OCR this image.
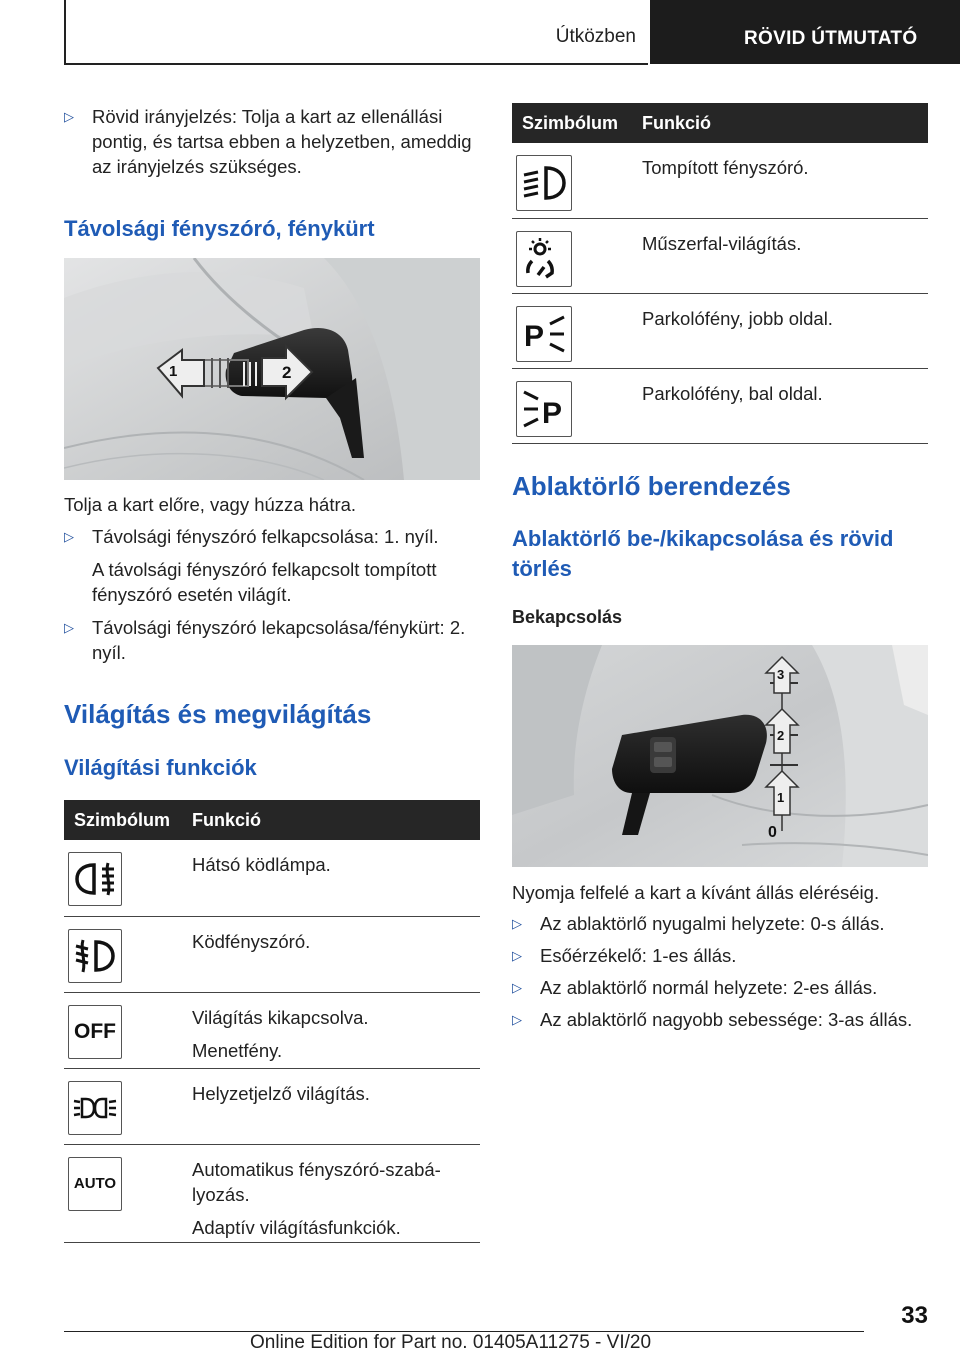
Útközben	RÖVID ÚTMUTATÓ
▷ Rövid irányjelzés: Tolja a kart az ellenállási pontig, és tartsa ebben a helyzetben, ameddig az irányjelzés szükséges.
Távolsági fényszóró, fénykürt
1	2

Tolja a kart előre, vagy húzza hátra.

▷ Távolsági fényszóró felkapcsolása: 1. nyíl.
A távolsági fényszóró felkapcsolt tompított fényszóró esetén világít.
▷ Távolsági fényszóró lekapcsolása/fénykürt: 2. nyíl.
Világítás és megvilágítás
Világítási funkciók
Szimbólum	Funkció

Hátsó ködlámpa.

Ködfényszóró.

OFF	Világítás kikapcsolva.
Menetfény.

Helyzetjelző világítás.

AUTO	Automatikus fényszóró-szabályozás.
Adaptív világításfunkciók.
Szimbólum	Funkció

Tompított fényszóró.

Műszerfal-világítás.

P	Parkolófény, jobb oldal.

P	Parkolófény, bal oldal.
Ablaktörlő berendezés
Ablaktörlő be-/kikapcsolása és rövid törlés
Bekapcsolás
1
2
3
0

Nyomja felfelé a kart a kívánt állás eléréséig.

▷ Az ablaktörlő nyugalmi helyzete: 0-s állás.
▷ Esőérzékelő: 1-es állás.
▷ Az ablaktörlő normál helyzete: 2-es állás.
▷ Az ablaktörlő nagyobb sebessége: 3-as állás.
33
Online Edition for Part no. 01405A11275 - VI/20
